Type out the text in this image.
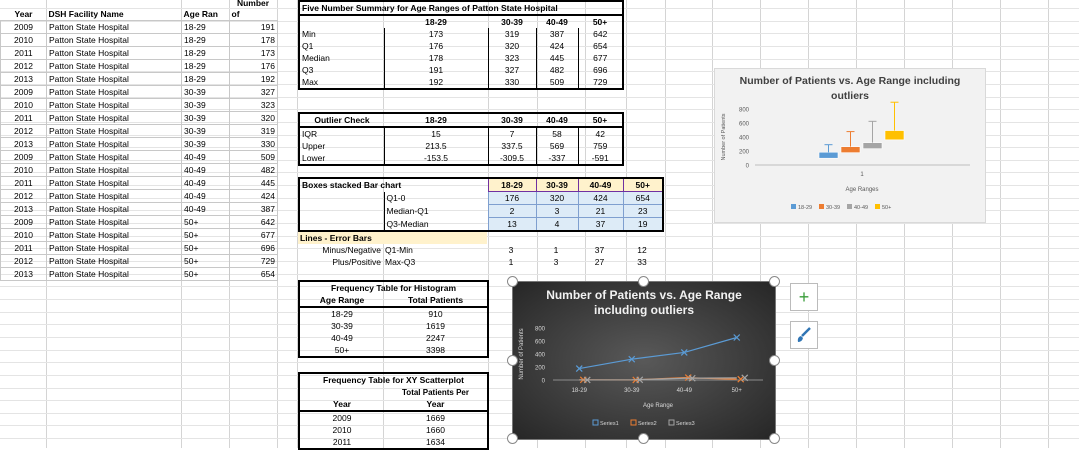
Number
Year	DSH Facility Name	Age Ran	of
2009	Patton State Hospital	18-29	191
2010	Patton State Hospital	18-29	178
2011	Patton State Hospital	18-29	173
2012	Patton State Hospital	18-29	176
2013	Patton State Hospital	18-29	192
2009	Patton State Hospital	30-39	327
2010	Patton State Hospital	30-39	323
2011	Patton State Hospital	30-39	320
2012	Patton State Hospital	30-39	319
2013	Patton State Hospital	30-39	330
2009	Patton State Hospital	40-49	509
2010	Patton State Hospital	40-49	482
2011	Patton State Hospital	40-49	445
2012	Patton State Hospital	40-49	424
2013	Patton State Hospital	40-49	387
2009	Patton State Hospital	50+	642
2010	Patton State Hospital	50+	677
2011	Patton State Hospital	50+	696
2012	Patton State Hospital	50+	729
2013	Patton State Hospital	50+	654
Five Number Summary for Age Ranges of Patton State Hospital				
	18-29	30-39	40-49	50+
Min	173	319	387	642
Q1	176	320	424	654
Median	178	323	445	677
Q3	191	327	482	696
Max	192	330	509	729
Outlier Check	18-29	30-39	40-49	50+
IQR	15	7	58	42
Upper	213.5	337.5	569	759
Lower	-153.5	-309.5	-337	-591
Boxes stacked Bar chart		18-29	30-39	40-49	50+
	Q1-0	176	320	424	654
	Median-Q1	2	3	21	23
	Q3-Median	13	4	37	19
Lines - Error Bars					
Minus/Negative	Q1-Min	3	1	37	12
Plus/Positive	Max-Q3	1	3	27	33
Frequency Table for Histogram	
Age Range	Total Patients
18-29	910
30-39	1619
40-49	2247
50+	3398
Frequency Table for XY Scatterplot	
	Total Patients Per
Year	Year
2009	1669
2010	1660
2011	1634
Number of Patients vs. Age Range including outliers
0
200
400
600
800
Number of Patients
1
Age Ranges
18-29	30-39	40-49	50+
Number of Patients vs. Age Range including outliers
0
200
400
600
800
Number of Patients
18-29	30-39	40-49	50+
Age Range
Series1	Series2	Series3
+
